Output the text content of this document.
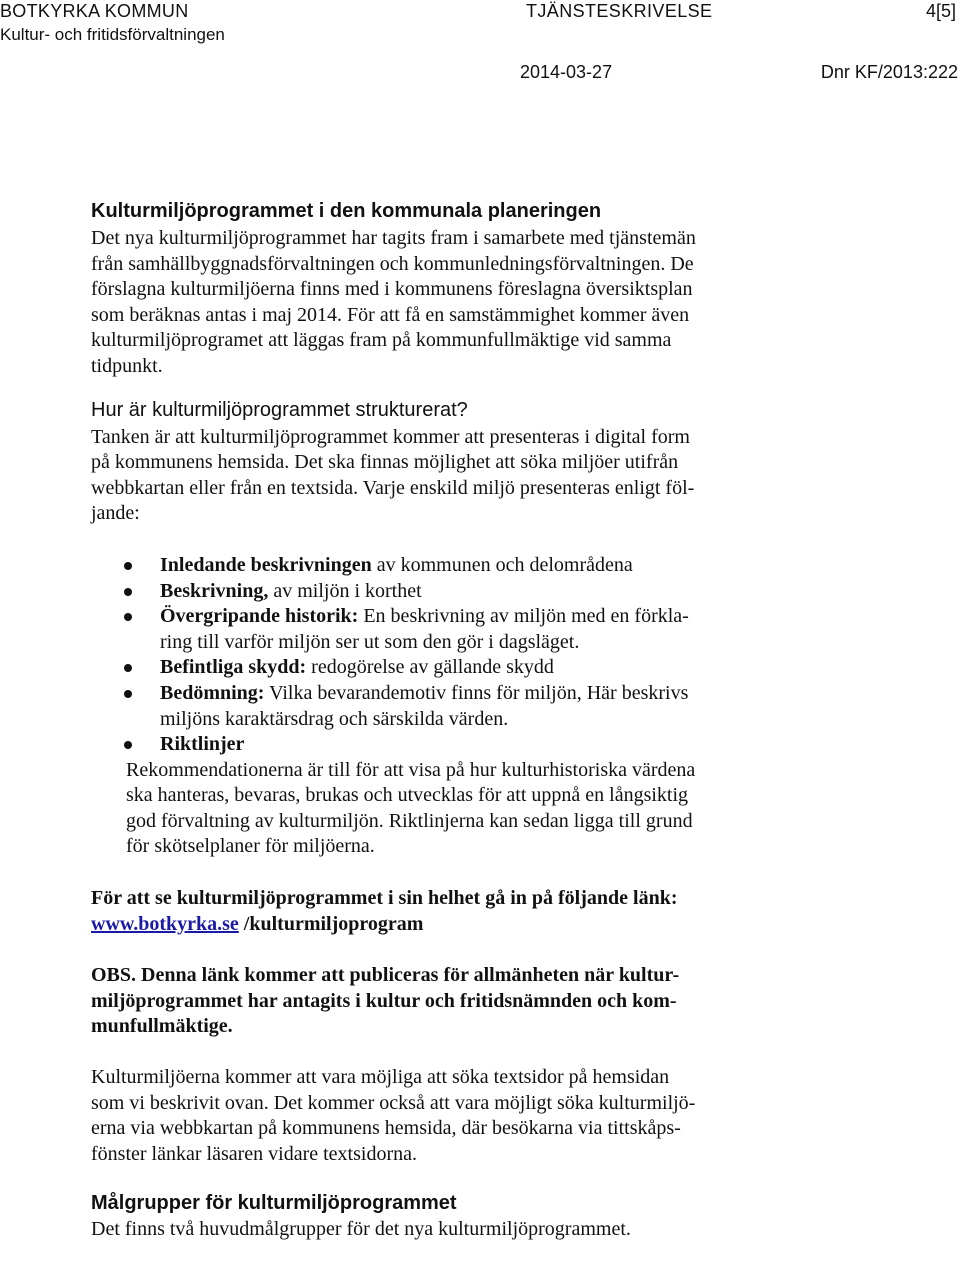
BOTKYRKA KOMMUN
Kultur- och fritidsförvaltningen
TJÄNSTESKRIVELSE	4[5]
2014-03-27	Dnr KF/2013:222
Kulturmiljöprogrammet i den kommunala planeringen
Det nya kulturmiljöprogrammet har tagits fram i samarbete med tjänstemän
från samhällbyggnadsförvaltningen och kommunledningsförvaltningen. De
förslagna kulturmiljöerna finns med i kommunens föreslagna översiktsplan
som beräknas antas i maj 2014. För att få en samstämmighet kommer även
kulturmiljöprogramet att läggas fram på kommunfullmäktige vid samma
tidpunkt.
Hur är kulturmiljöprogrammet strukturerat?
Tanken är att kulturmiljöprogrammet kommer att presenteras i digital form
på kommunens hemsida. Det ska finnas möjlighet att söka miljöer utifrån
webbkartan eller från en textsida. Varje enskild miljö presenteras enligt föl-
jande:
Inledande beskrivningen av kommunen och delområdena
Beskrivning, av miljön i korthet
Övergripande historik: En beskrivning av miljön med en förkla-
ring till varför miljön ser ut som den gör i dagsläget.
Befintliga skydd: redogörelse av gällande skydd
Bedömning: Vilka bevarandemotiv finns för miljön, Här beskrivs
miljöns karaktärsdrag och särskilda värden.
Riktlinjer
Rekommendationerna är till för att visa på hur kulturhistoriska värdena
ska hanteras, bevaras, brukas och utvecklas för att uppnå en långsiktig
god förvaltning av kulturmiljön. Riktlinjerna kan sedan ligga till grund
för skötselplaner för miljöerna.
För att se kulturmiljöprogrammet i sin helhet gå in på följande länk:
www.botkyrka.se /kulturmiljoprogram
OBS. Denna länk kommer att publiceras för allmänheten när kultur-
miljöprogrammet har antagits i kultur och fritidsnämnden och kom-
munfullmäktige.
Kulturmiljöerna kommer att vara möjliga att söka textsidor på hemsidan
som vi beskrivit ovan. Det kommer också att vara möjligt söka kulturmiljö-
erna via webbkartan på kommunens hemsida, där besökarna via tittskåps-
fönster länkar läsaren vidare textsidorna.
Målgrupper för kulturmiljöprogrammet
Det finns två huvudmålgrupper för det nya kulturmiljöprogrammet.
